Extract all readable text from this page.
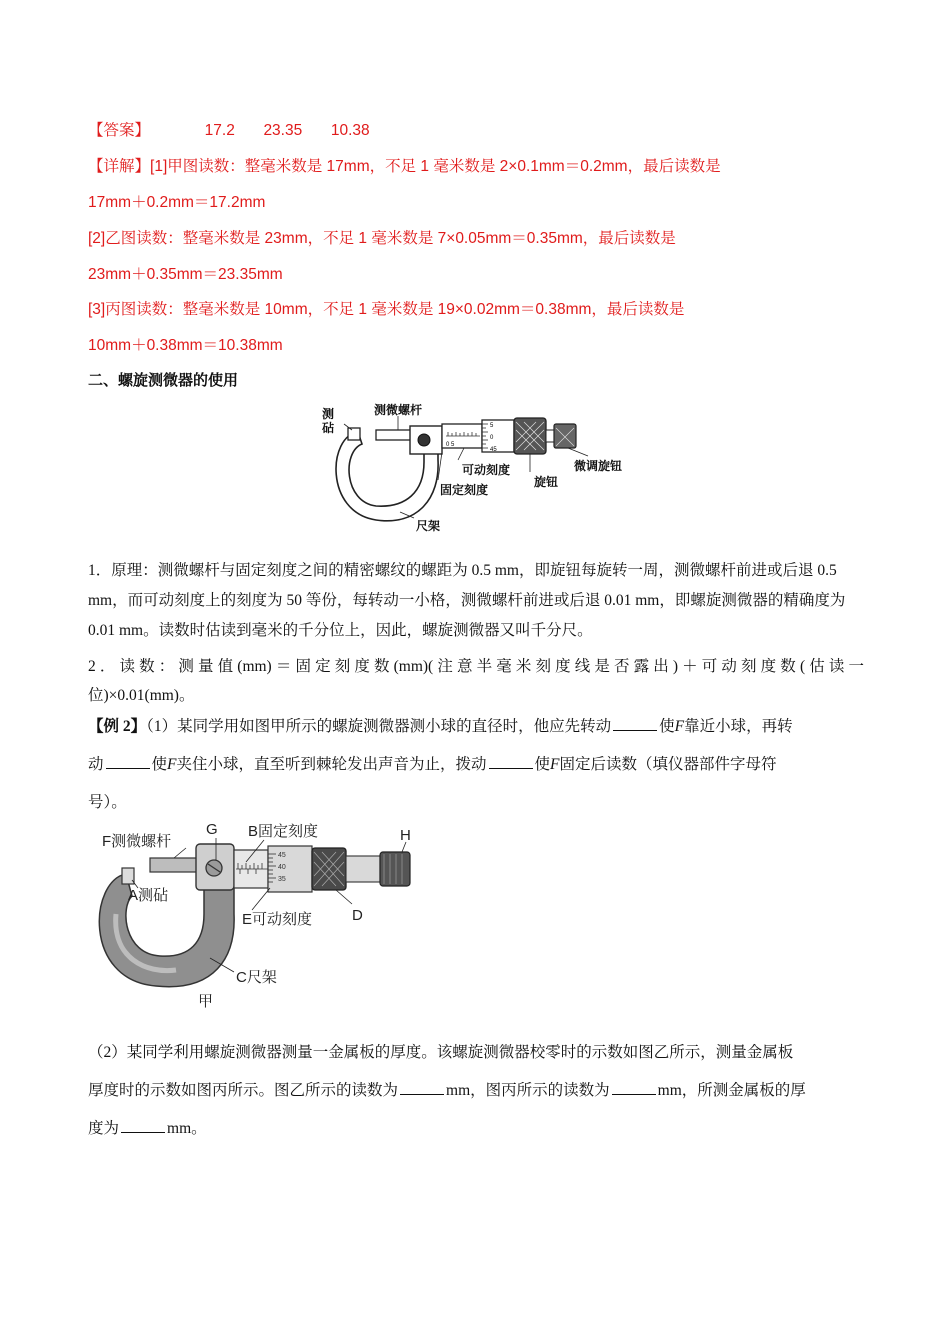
【答案】	17.2 23.35 10.38
【详解】[1]甲图读数：整毫米数是 17mm，不足 1 毫米数是 2×0.1mm＝0.2mm，最后读数是
17mm＋0.2mm＝17.2mm
[2]乙图读数：整毫米数是 23mm，不足 1 毫米数是 7×0.05mm＝0.35mm，最后读数是
23mm＋0.35mm＝23.35mm
[3]丙图读数：整毫米数是 10mm，不足 1 毫米数是 19×0.02mm＝0.38mm，最后读数是
10mm＋0.38mm＝10.38mm
二、螺旋测微器的使用
0 5
5
0
45
测
砧
测微螺杆
可动刻度
固定刻度
旋钮
微调旋钮
尺架
1．原理：测微螺杆与固定刻度之间的精密螺纹的螺距为 0.5 mm，即旋钮每旋转一周，测微螺杆前进或后退 0.5 mm，而可动刻度上的刻度为 50 等份，每转动一小格，测微螺杆前进或后退 0.01 mm，即螺旋测微器的精确度为 0.01 mm。读数时估读到毫米的千分位上，因此，螺旋测微器又叫千分尺。
2．读数：测量值(mm)＝固定刻度数(mm)(注意半毫米刻度线是否露出)＋可动刻度数(估读一
位)×0.01(mm)。
【例 2】（1）某同学用如图甲所示的螺旋测微器测小球的直径时，他应先转动	使F靠近小球，再转
动	使F夹住小球，直至听到棘轮发出声音为止，拨动	使F固定后读数（填仪器部件字母符
号）。
45
40
35
F测微螺杆
G B固定刻度	H
A测砧
E可动刻度	D
C尺架
甲
（2）某同学利用螺旋测微器测量一金属板的厚度。该螺旋测微器校零时的示数如图乙所示，测量金属板
厚度时的示数如图丙所示。图乙所示的读数为	mm，图丙所示的读数为	mm，所测金属板的厚
度为	mm。
